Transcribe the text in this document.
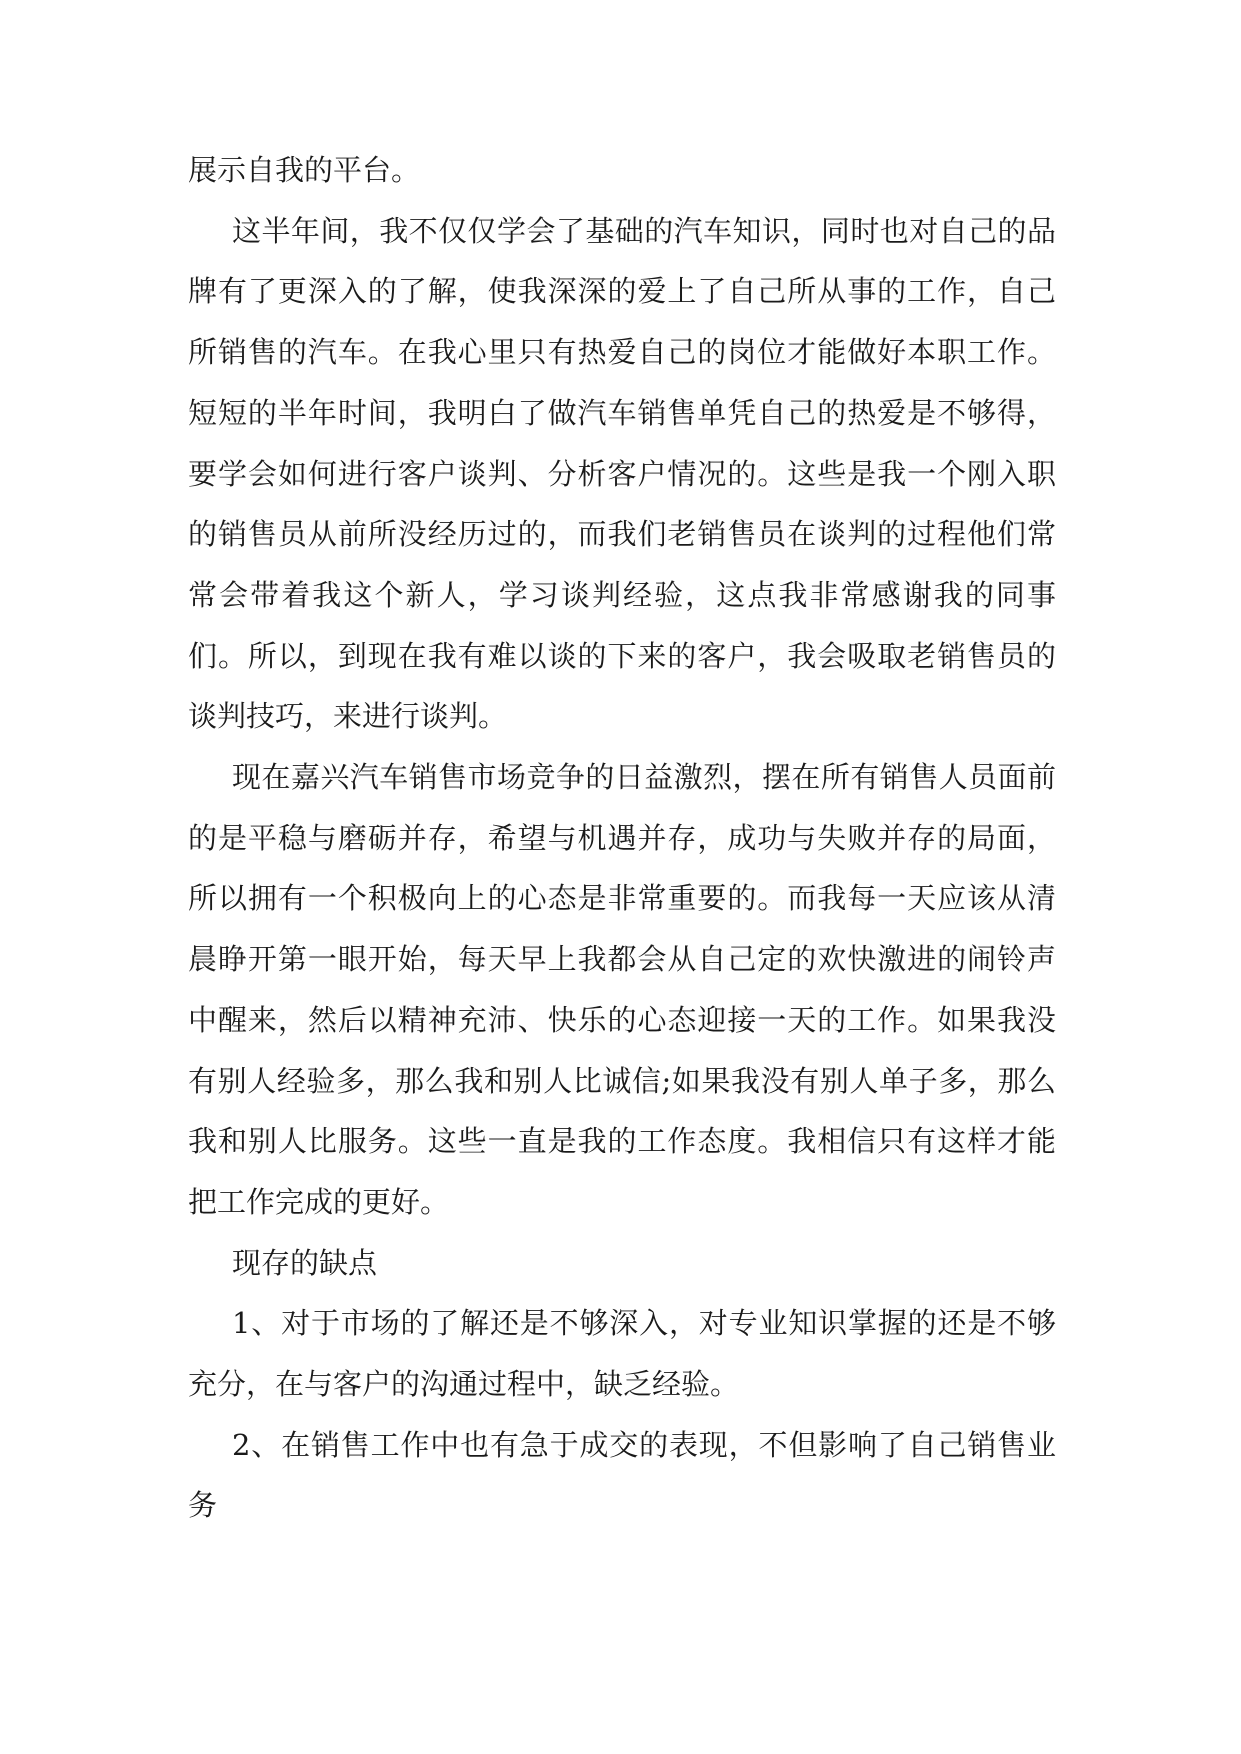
展示自我的平台。

这半年间，我不仅仅学会了基础的汽车知识，同时也对自己的品牌有了更深入的了解，使我深深的爱上了自己所从事的工作，自己所销售的汽车。在我心里只有热爱自己的岗位才能做好本职工作。短短的半年时间，我明白了做汽车销售单凭自己的热爱是不够得，要学会如何进行客户谈判、分析客户情况的。这些是我一个刚入职的销售员从前所没经历过的，而我们老销售员在谈判的过程他们常常会带着我这个新人，学习谈判经验，这点我非常感谢我的同事们。所以，到现在我有难以谈的下来的客户，我会吸取老销售员的谈判技巧，来进行谈判。

现在嘉兴汽车销售市场竞争的日益激烈，摆在所有销售人员面前的是平稳与磨砺并存，希望与机遇并存，成功与失败并存的局面，所以拥有一个积极向上的心态是非常重要的。而我每一天应该从清晨睁开第一眼开始，每天早上我都会从自己定的欢快激进的闹铃声中醒来，然后以精神充沛、快乐的心态迎接一天的工作。如果我没有别人经验多，那么我和别人比诚信;如果我没有别人单子多，那么我和别人比服务。这些一直是我的工作态度。我相信只有这样才能把工作完成的更好。

现存的缺点

1、对于市场的了解还是不够深入，对专业知识掌握的还是不够充分，在与客户的沟通过程中，缺乏经验。

2、在销售工作中也有急于成交的表现，不但影响了自己销售业务
